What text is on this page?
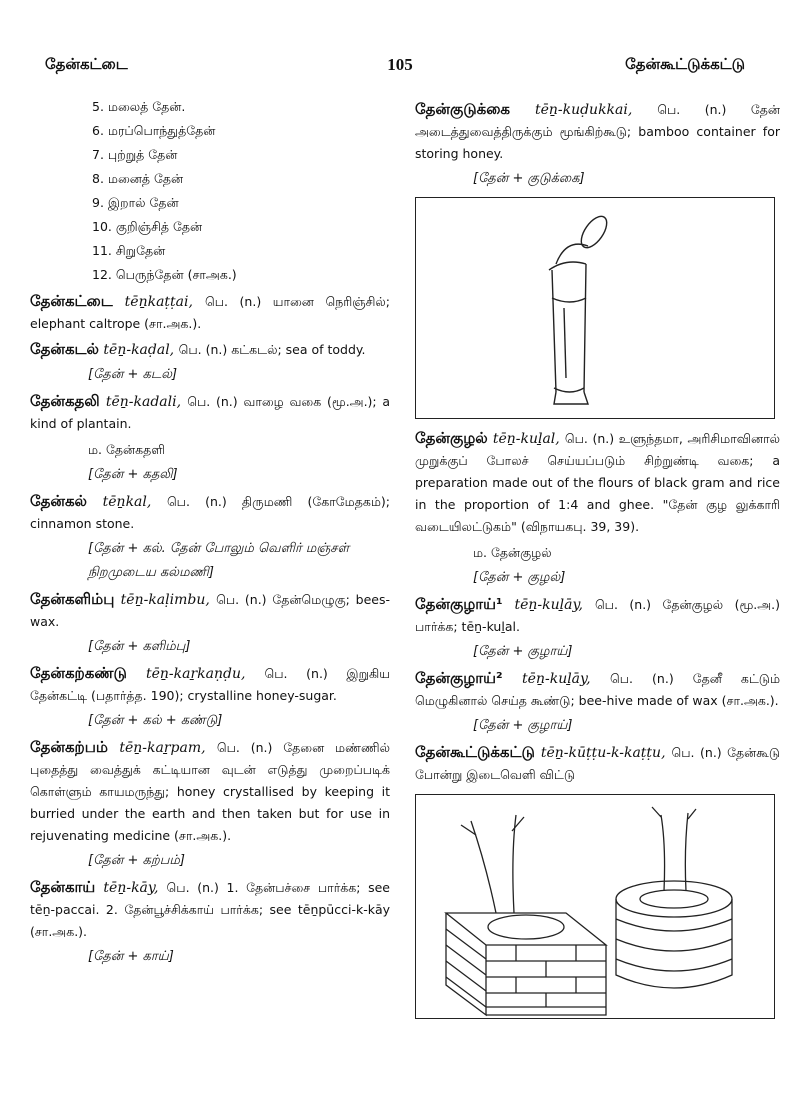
தேன்கட்டை	105	தேன்கூட்டுக்கட்டு
5. மலைத் தேன்.
6. மரப்பொந்துத்தேன்
7. புற்றுத் தேன்
8. மனைத் தேன்
9. இறால் தேன்
10. குறிஞ்சித் தேன்
11. சிறுதேன்
12. பெருந்தேன் (சாஅக.)
தேன்கட்டை tēṉkaṭṭai, பெ. (n.) யானை நெரிஞ்சில்; elephant caltrope (சா.அக.).
தேன்கடல் tēṉ-kaḍal, பெ. (n.) கட்கடல்; sea of toddy.
[தேன் + கடல்]
தேன்கதலி tēṉ-kadali, பெ. (n.) வாழை வகை (மூ.அ.); a kind of plantain.
ம. தேன்கதளி
[தேன் + கதலி]
தேன்கல் tēṉkal, பெ. (n.) திருமணி (கோமேதகம்); cinnamon stone.
[தேன் + கல். தேன் போலும் வெளிர் மஞ்சள் நிறமுடைய கல்மணி]
தேன்களிம்பு tēṉ-kaḷimbu, பெ. (n.) தேன்மெழுகு; bees-wax.
[தேன் + களிம்பு]
தேன்கற்கண்டு tēṉ-kaṟkaṇḍu, பெ. (n.) இறுகிய தேன்கட்டி (பதார்த்த. 190); crystalline honey-sugar.
[தேன் + கல் + கண்டு]
தேன்கற்பம் tēṉ-kaṟpam, பெ. (n.) தேனை மண்ணில் புதைத்து வைத்துக் கட்டியான வுடன் எடுத்து முறைப்படிக் கொள்ளும் காயமருந்து; honey crystallised by keeping it burried under the earth and then taken but for use in rejuvenating medicine (சா.அக.).
[தேன் + கற்பம்]
தேன்காய் tēṉ-kāy, பெ. (n.) 1. தேன்பச்சை பார்க்க; see tēṉ-paccai. 2. தேன்பூச்சிக்காய் பார்க்க; see tēṉpūcci-k-kāy (சா.அக.).
[தேன் + காய்]
தேன்குடுக்கை tēṉ-kuḍukkai, பெ. (n.) தேன் அடைத்துவைத்திருக்கும் மூங்கிற்கூடு; bamboo container for storing honey.
[தேன் + குடுக்கை]
தேன்குழல் tēṉ-kuḻal, பெ. (n.) உளுந்தமா, அரிசிமாவினால் முறுக்குப் போலச் செய்யப்படும் சிற்றுண்டி வகை; a preparation made out of the flours of black gram and rice in the proportion of 1:4 and ghee. "தேன் குழ லுக்காரி வடையிலட்டுகம்" (விநாயகபு. 39, 39).
ம. தேன்குழல்
[தேன் + குழல்]
தேன்குழாய்¹ tēṉ-kuḻāy, பெ. (n.) தேன்குழல் (மூ.அ.) பார்க்க; tēṉ-kuḻal.
[தேன் + குழாய்]
தேன்குழாய்² tēṉ-kuḻāy, பெ. (n.) தேனீ கட்டும் மெழுகினால் செய்த கூண்டு; bee-hive made of wax (சா.அக.).
[தேன் + குழாய்]
தேன்கூட்டுக்கட்டு tēṉ-kūṭṭu-k-kaṭṭu, பெ. (n.) தேன்கூடு போன்று இடைவெளி விட்டு
